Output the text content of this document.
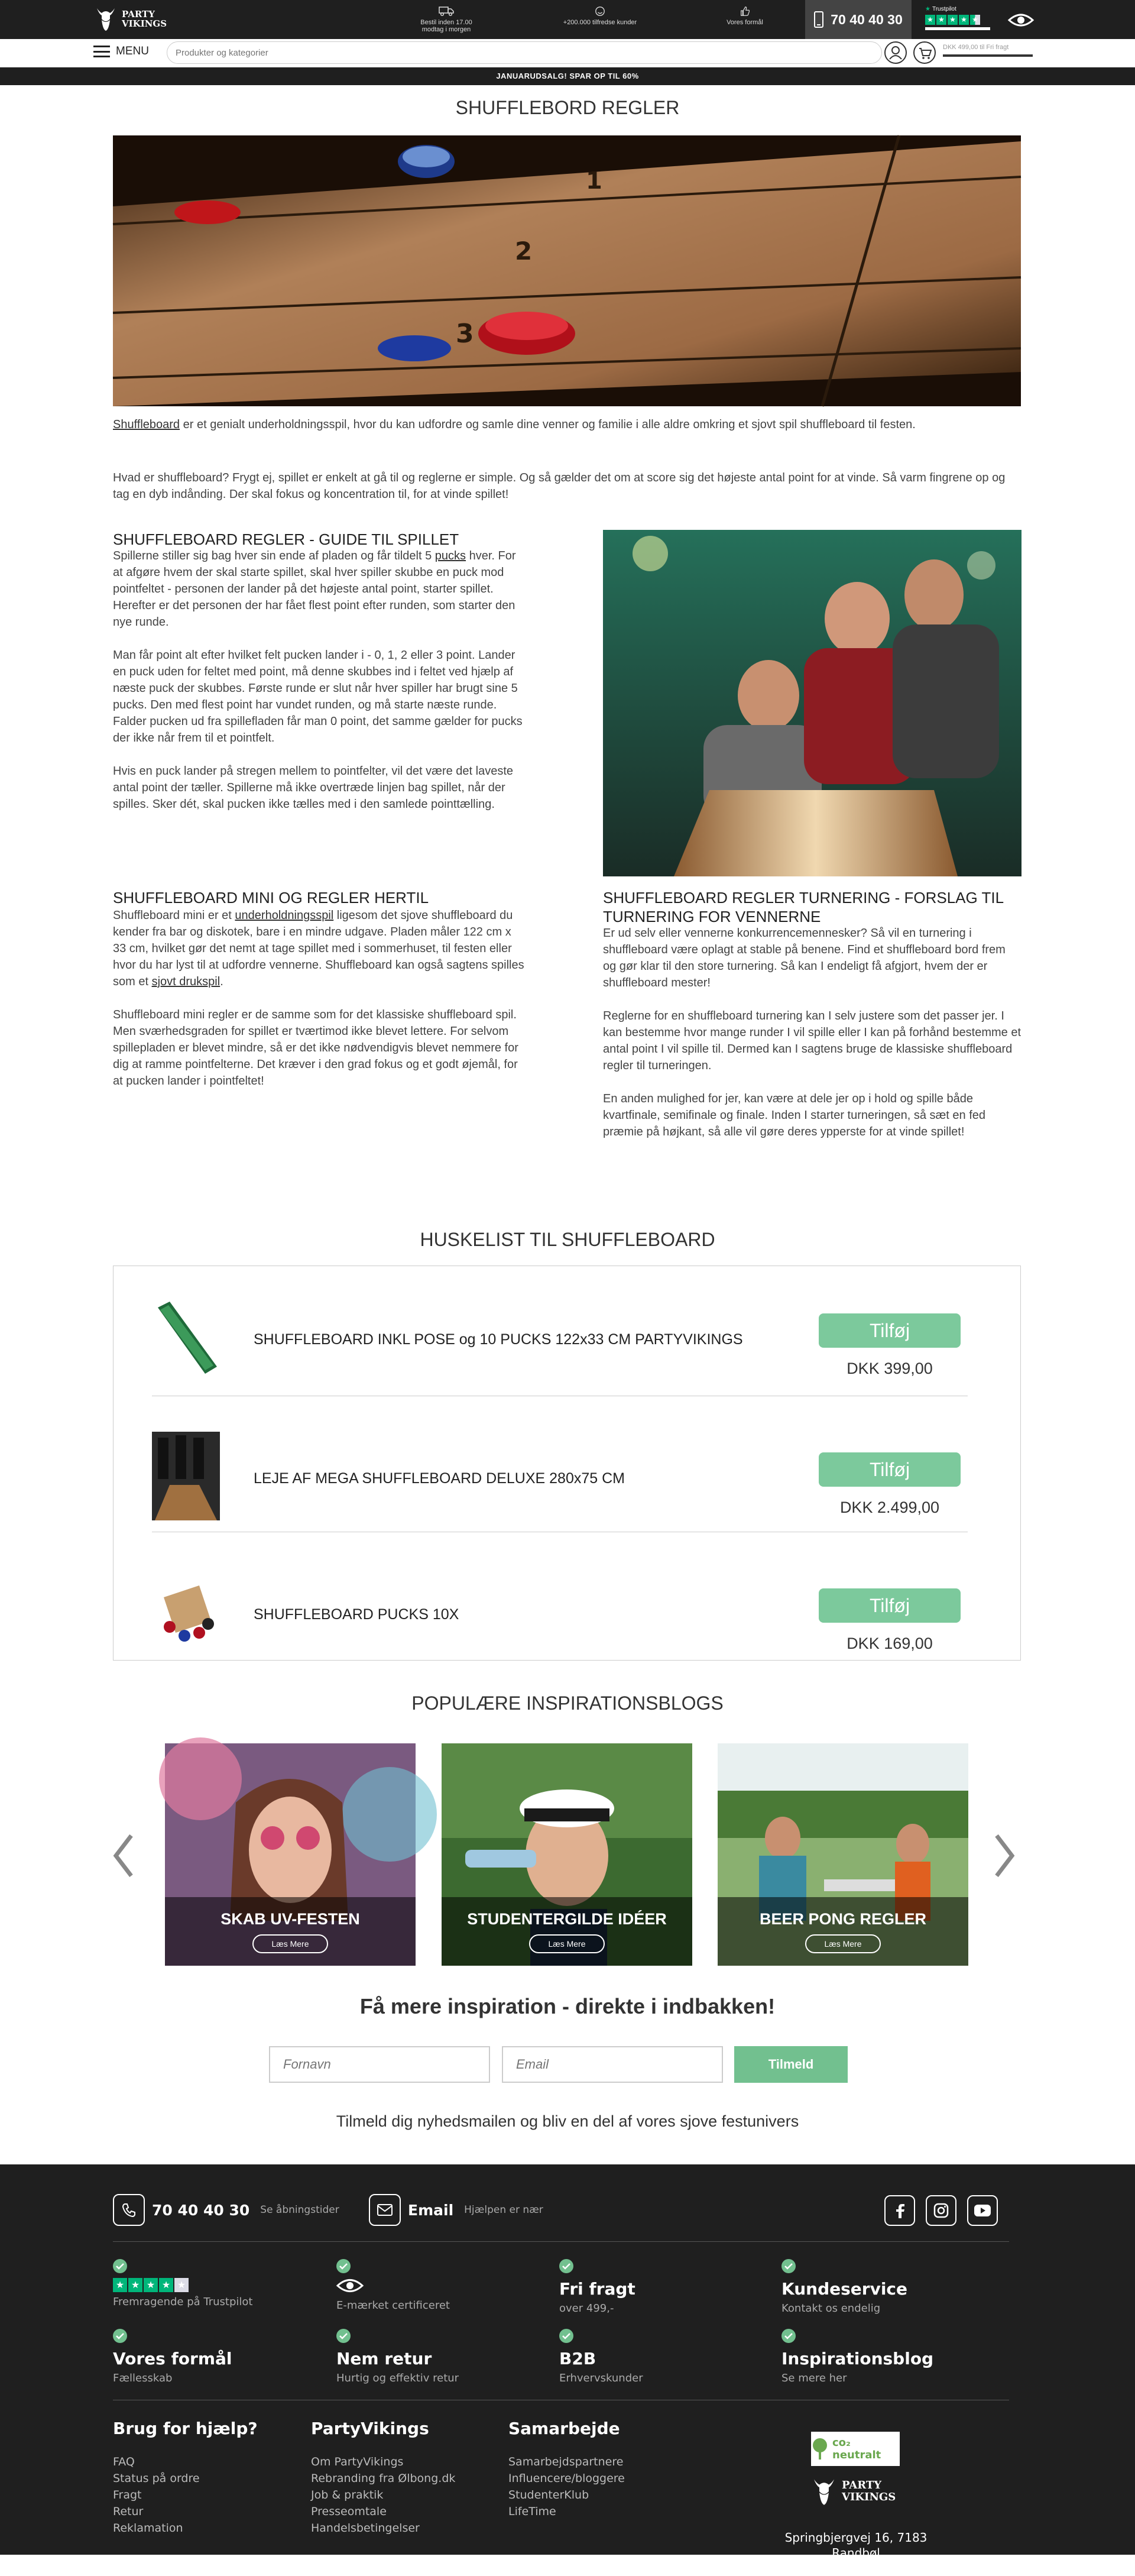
PARTY
VIKINGS	Bestil inden 17.00
modtag i morgen
+200.000 tilfredse kunder	Vores formål	70 40 40 30
★ Trustpilot
★ ★ ★ ★ ★
MENU
Produkter og kategorier	DKK 499,00 til Fri fragt
JANUARUDSALG! SPAR OP TIL 60%
SHUFFLEBORD REGLER
1
2
3

Shuffleboard er et genialt underholdningsspil, hvor du kan udfordre og samle dine venner og familie i alle aldre omkring et sjovt spil shuffleboard til festen.

Hvad er shuffleboard? Frygt ej, spillet er enkelt at gå til og reglerne er simple. Og så gælder det om at score sig det højeste antal point for at vinde. Så varm fingrene op og tag en dyb indånding. Der skal fokus og koncentration til, for at vinde spillet!

SHUFFLEBOARD REGLER - GUIDE TIL SPILLET

Spillerne stiller sig bag hver sin ende af pladen og får tildelt 5 pucks hver. For at afgøre hvem der skal starte spillet, skal hver spiller skubbe en puck mod pointfeltet - personen der lander på det højeste antal point, starter spillet. Herefter er det personen der har fået flest point efter runden, som starter den nye runde.

Man får point alt efter hvilket felt pucken lander i - 0, 1, 2 eller 3 point. Lander en puck uden for feltet med point, må denne skubbes ind i feltet ved hjælp af næste puck der skubbes. Første runde er slut når hver spiller har brugt sine 5 pucks. Den med flest point har vundet runden, og må starte næste runde. Falder pucken ud fra spillefladen får man 0 point, det samme gælder for pucks der ikke når frem til et pointfelt.

Hvis en puck lander på stregen mellem to pointfelter, vil det være det laveste antal point der tæller. Spillerne må ikke overtræde linjen bag spillet, når der spilles. Sker dét, skal pucken ikke tælles med i den samlede pointtælling.

SHUFFLEBOARD MINI OG REGLER HERTIL

Shuffleboard mini er et underholdningsspil ligesom det sjove shuffleboard du kender fra bar og diskotek, bare i en mindre udgave. Pladen måler 122 cm x 33 cm, hvilket gør det nemt at tage spillet med i sommerhuset, til festen eller hvor du har lyst til at udfordre vennerne. Shuffleboard kan også sagtens spilles som et sjovt drukspil.

Shuffleboard mini regler er de samme som for det klassiske shuffleboard spil. Men sværhedsgraden for spillet er tværtimod ikke blevet lettere. For selvom spillepladen er blevet mindre, så er det ikke nødvendigvis blevet nemmere for dig at ramme pointfelterne. Det kræver i den grad fokus og et godt øjemål, for at pucken lander i pointfeltet!

SHUFFLEBOARD REGLER TURNERING - FORSLAG TIL TURNERING FOR VENNERNE

Er ud selv eller vennerne konkurrencemennesker? Så vil en turnering i shuffleboard være oplagt at stable på benene. Find et shuffleboard bord frem og gør klar til den store turnering. Så kan I endeligt få afgjort, hvem der er shuffleboard mester!

Reglerne for en shuffleboard turnering kan I selv justere som det passer jer. I kan bestemme hvor mange runder I vil spille eller I kan på forhånd bestemme et antal point I vil spille til. Dermed kan I sagtens bruge de klassiske shuffleboard regler til turneringen.

En anden mulighed for jer, kan være at dele jer op i hold og spille både kvartfinale, semifinale og finale. Inden I starter turneringen, så sæt en fed præmie på højkant, så alle vil gøre deres ypperste for at vinde spillet!

HUSKELIST TIL SHUFFLEBOARD
SHUFFLEBOARD INKL POSE og 10 PUCKS 122x33 CM PARTYVIKINGS	Tilføj
DKK 399,00
LEJE AF MEGA SHUFFLEBOARD DELUXE 280x75 CM	Tilføj
DKK 2.499,00
SHUFFLEBOARD PUCKS 10X	Tilføj
DKK 169,00
POPULÆRE INSPIRATIONSBLOGS
SKAB UV-FESTEN
Læs Mere
STUDENTERGILDE IDÉER
Læs Mere
BEER PONG REGLER
Læs Mere
Få mere inspiration - direkte i indbakken!
Fornavn
Email
Tilmeld

Tilmeld dig nyhedsmailen og bliv en del af vores sjove festunivers

70 40 40 30 Se åbningstider	Email Hjælpen er nær
★ ★ ★ ★ ★
Fremragende på Trustpilot	E-mærket certificeret
Fri fragt
over 499,-
Kundeservice
Kontakt os endelig
Vores formål
Fællesskab
Nem retur
Hurtig og effektiv retur
B2B
Erhvervskunder
Inspirationsblog
Se mere her
Brug for hjælp?
FAQ
Status på ordre
Fragt
Retur
Reklamation
PartyVikings
Om PartyVikings
Rebranding fra Ølbong.dk
Job & praktik
Presseomtale
Handelsbetingelser
Samarbejde
Samarbejdspartnere
Influencere/bloggere
StudenterKlub
LifeTime
co₂ neutralt
PARTY
VIKINGS
Springbjergvej 16, 7183 Randbøl
CVR nr.: 37233978
